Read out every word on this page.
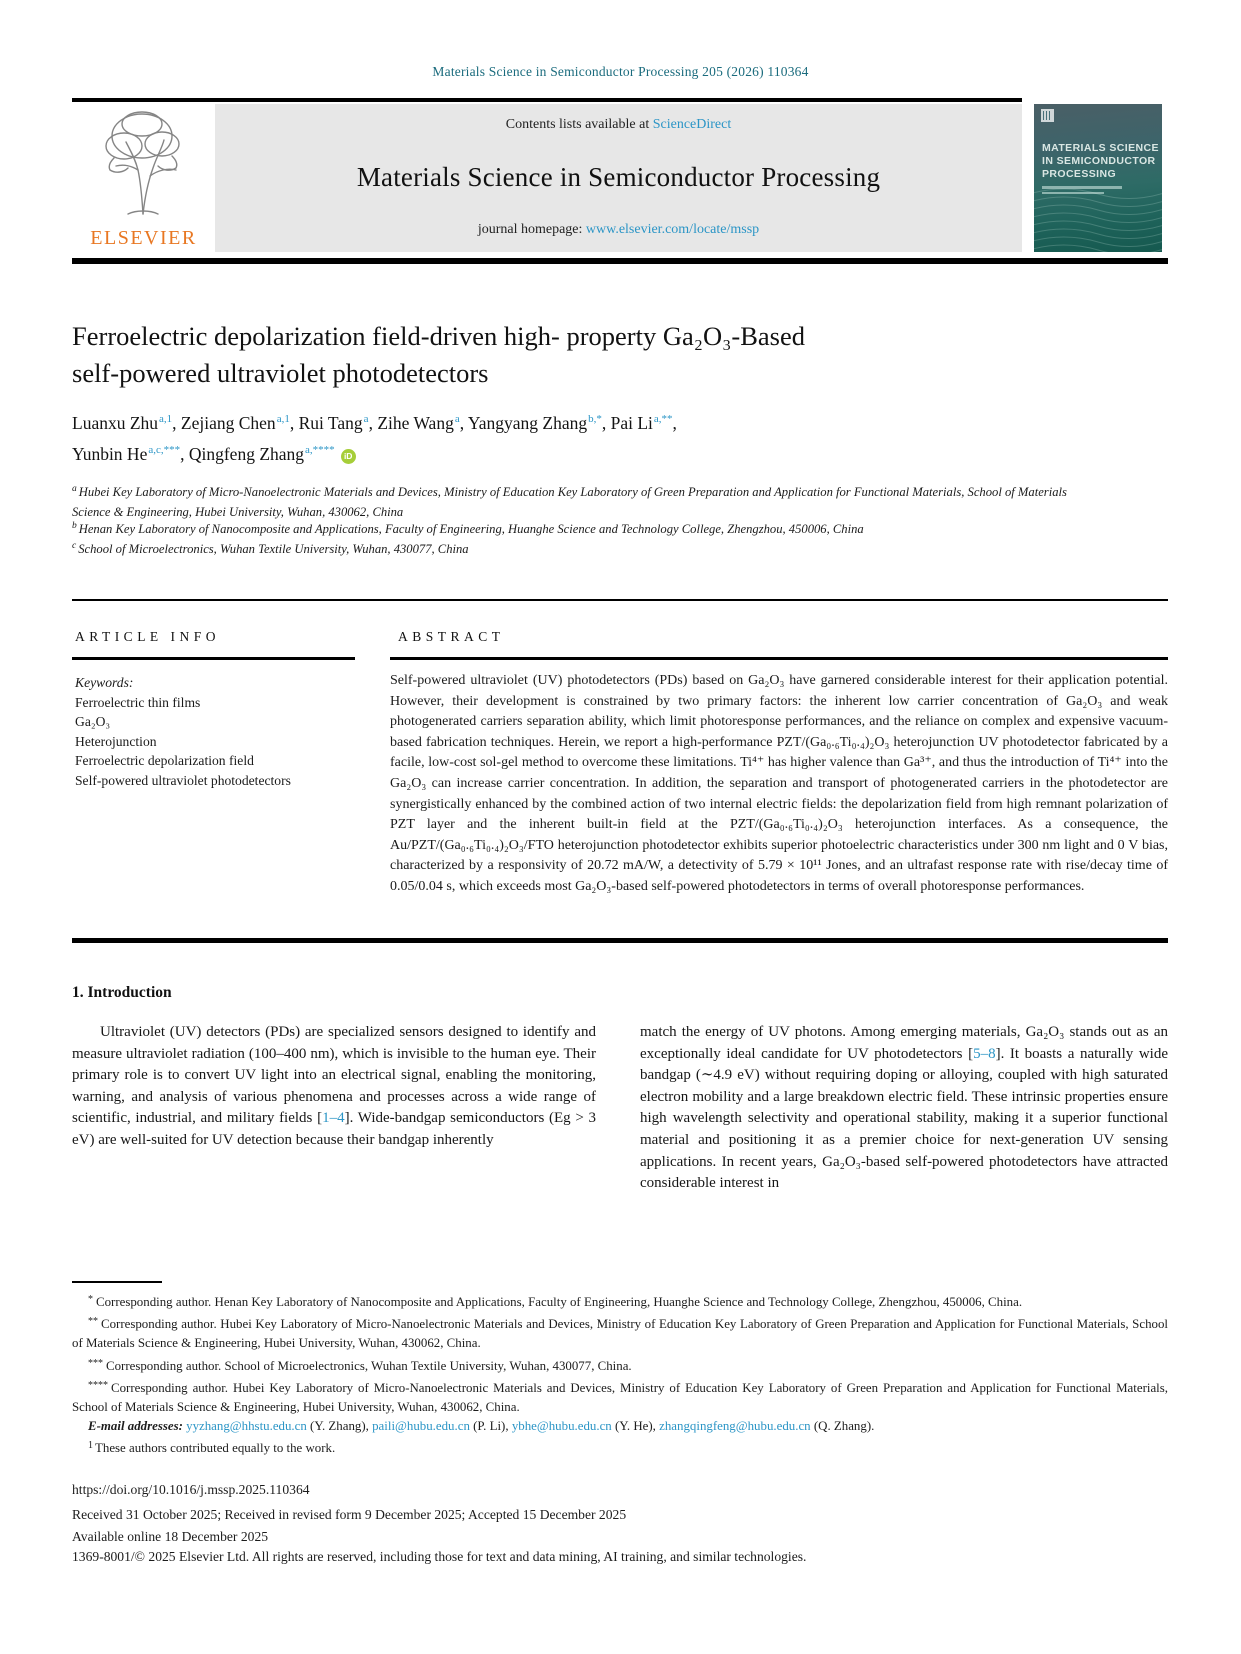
Materials Science in Semiconductor Processing 205 (2026) 110364
ELSEVIER
Contents lists available at ScienceDirect
Materials Science in Semiconductor Processing
journal homepage: www.elsevier.com/locate/mssp
MATERIALS SCIENCE
IN SEMICONDUCTOR
PROCESSING
Ferroelectric depolarization field-driven high- property Ga₂O₃-Based
self-powered ultraviolet photodetectors
Luanxu Zhu$^{a,1}$, Zejiang Chen$^{a,1}$, Rui Tang$^a$, Zihe Wang$^a$, Yangyang Zhang$^{b,*}$, Pai $Li^{a,**}$,
Yunbin $He^{a,c,***}$, Qingfeng Zhang$^{a,****}$ iD
$^a$ Hubei Key Laboratory of Micro-Nanoelectronic Materials and Devices, Ministry of Education Key Laboratory of Green Preparation and Application for Functional Materials, School of Materials Science & Engineering, Hubei University, Wuhan, 430062, China
$^b$ Henan Key Laboratory of Nanocomposite and Applications, Faculty of Engineering, Huanghe Science and Technology College, Zhengzhou, 450006, China
$^c$ School of Microelectronics, Wuhan Textile University, Wuhan, 430077, China
ARTICLE INFO	ABSTRACT
Keywords:
Ferroelectric thin films
Ga₂O₃
Heterojunction
Ferroelectric depolarization field
Self-powered ultraviolet photodetectors
Self-powered ultraviolet (UV) photodetectors (PDs) based on Ga₂O₃ have garnered considerable interest for their application potential. However, their development is constrained by two primary factors: the inherent low carrier concentration of Ga₂O₃ and weak photogenerated carriers separation ability, which limit photoresponse performances, and the reliance on complex and expensive vacuum-based fabrication techniques. Herein, we report a high-performance PZT/(Ga₀.₆Ti₀.₄)₂O₃ heterojunction UV photodetector fabricated by a facile, low-cost sol-gel method to overcome these limitations. Ti⁴⁺ has higher valence than Ga³⁺, and thus the introduction of Ti⁴⁺ into the Ga₂O₃ can increase carrier concentration. In addition, the separation and transport of photogenerated carriers in the photodetector are synergistically enhanced by the combined action of two internal electric fields: the depolarization field from high remnant polarization of PZT layer and the inherent built-in field at the PZT/(Ga₀.₆Ti₀.₄)₂O₃ heterojunction interfaces. As a consequence, the Au/PZT/(Ga₀.₆Ti₀.₄)₂O₃/FTO heterojunction photodetector exhibits superior photoelectric characteristics under 300 nm light and 0 V bias, characterized by a responsivity of 20.72 mA/W, a detectivity of 5.79 × 10¹¹ Jones, and an ultrafast response rate with rise/decay time of 0.05/0.04 s, which exceeds most Ga₂O₃-based self-powered photodetectors in terms of overall photoresponse performances.
1. Introduction
Ultraviolet (UV) detectors (PDs) are specialized sensors designed to identify and measure ultraviolet radiation (100–400 nm), which is invisible to the human eye. Their primary role is to convert UV light into an electrical signal, enabling the monitoring, warning, and analysis of various phenomena and processes across a wide range of scientific, industrial, and military fields [1–4]. Wide-bandgap semiconductors (Eg > 3 eV) are well-suited for UV detection because their bandgap inherently
match the energy of UV photons. Among emerging materials, Ga₂O₃ stands out as an exceptionally ideal candidate for UV photodetectors [5–8]. It boasts a naturally wide bandgap (∼4.9 eV) without requiring doping or alloying, coupled with high saturated electron mobility and a large breakdown electric field. These intrinsic properties ensure high wavelength selectivity and operational stability, making it a superior functional material and positioning it as a premier choice for next-generation UV sensing applications. In recent years, Ga₂O₃-based self-powered photodetectors have attracted considerable interest in
* Corresponding author. Henan Key Laboratory of Nanocomposite and Applications, Faculty of Engineering, Huanghe Science and Technology College, Zhengzhou, 450006, China.
** Corresponding author. Hubei Key Laboratory of Micro-Nanoelectronic Materials and Devices, Ministry of Education Key Laboratory of Green Preparation and Application for Functional Materials, School of Materials Science & Engineering, Hubei University, Wuhan, 430062, China.
*** Corresponding author. School of Microelectronics, Wuhan Textile University, Wuhan, 430077, China.
**** Corresponding author. Hubei Key Laboratory of Micro-Nanoelectronic Materials and Devices, Ministry of Education Key Laboratory of Green Preparation and Application for Functional Materials, School of Materials Science & Engineering, Hubei University, Wuhan, 430062, China.
E-mail addresses: yyzhang@hhstu.edu.cn (Y. Zhang), paili@hubu.edu.cn (P. Li), ybhe@hubu.edu.cn (Y. He), zhangqingfeng@hubu.edu.cn (Q. Zhang).
$^1$ These authors contributed equally to the work.
https://doi.org/10.1016/j.mssp.2025.110364
Received 31 October 2025; Received in revised form 9 December 2025; Accepted 15 December 2025
Available online 18 December 2025
1369-8001/© 2025 Elsevier Ltd. All rights are reserved, including those for text and data mining, AI training, and similar technologies.
